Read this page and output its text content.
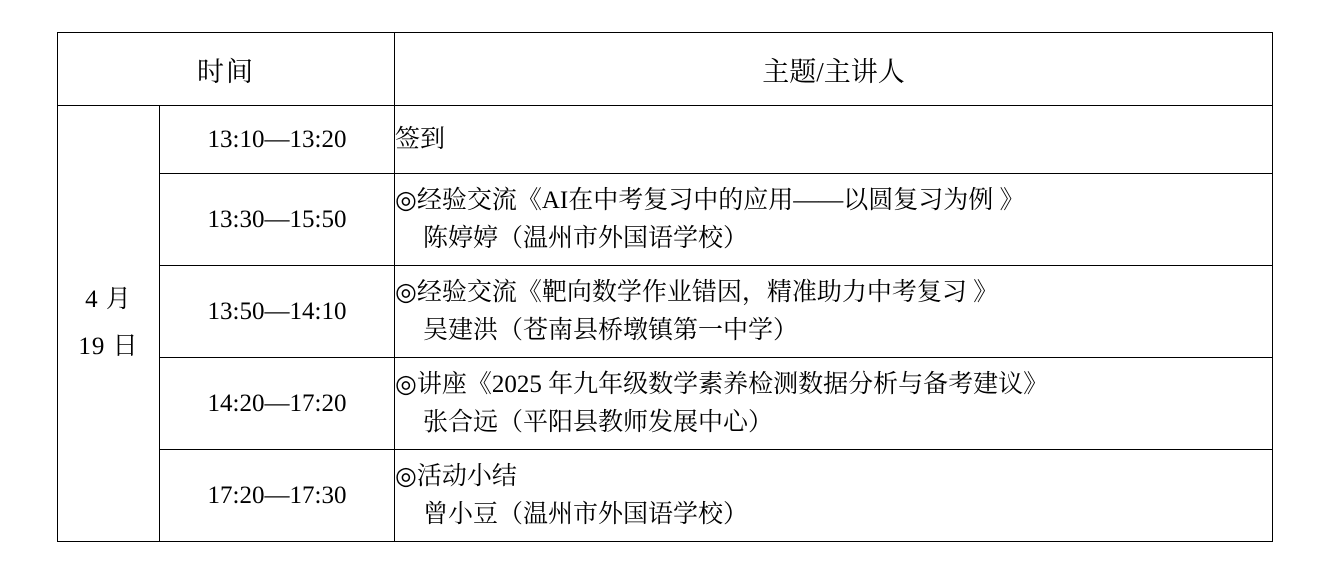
时间		主题/主讲人

4 月
19 日	13:10—13:20	签到

	13:30—15:50	◎经验交流《AI在中考复习中的应用——以圆复习为例 》
陈婷婷（温州市外国语学校）

	13:50—14:10	◎经验交流《靶向数学作业错因，精准助力中考复习 》
吴建洪（苍南县桥墩镇第一中学）

	14:20—17:20	◎讲座《2025 年九年级数学素养检测数据分析与备考建议》
张合远（平阳县教师发展中心）

	17:20—17:30	◎活动小结
曾小豆（温州市外国语学校）
